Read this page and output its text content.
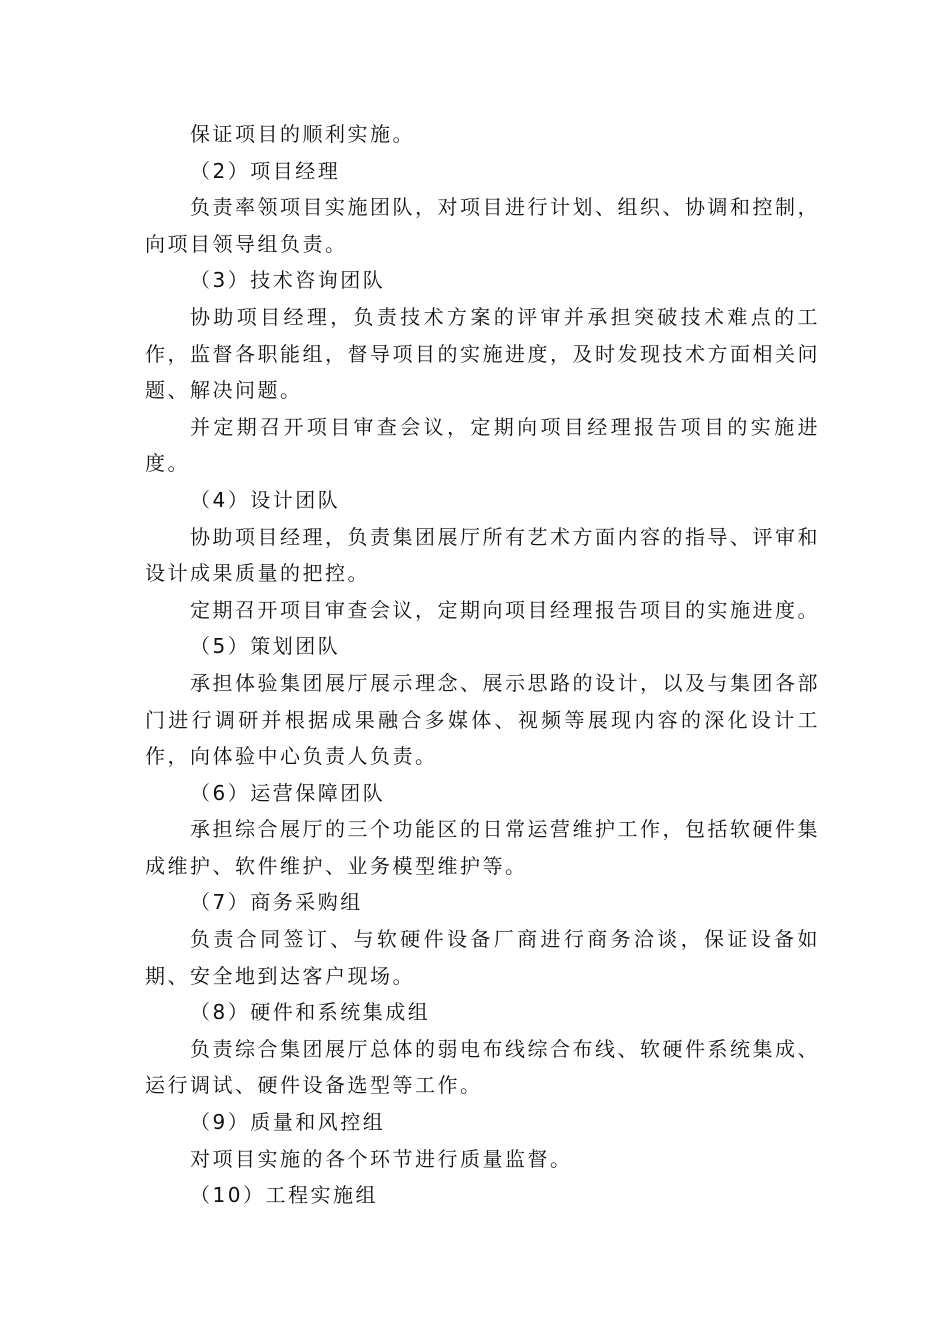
保证项目的顺利实施。

（2）项目经理

负责率领项目实施团队，对项目进行计划、组织、协调和控制，向项目领导组负责。

（3）技术咨询团队

协助项目经理，负责技术方案的评审并承担突破技术难点的工作，监督各职能组，督导项目的实施进度，及时发现技术方面相关问题、解决问题。

并定期召开项目审查会议，定期向项目经理报告项目的实施进度。

（4）设计团队

协助项目经理，负责集团展厅所有艺术方面内容的指导、评审和设计成果质量的把控。

定期召开项目审查会议，定期向项目经理报告项目的实施进度。

（5）策划团队

承担体验集团展厅展示理念、展示思路的设计，以及与集团各部门进行调研并根据成果融合多媒体、视频等展现内容的深化设计工作，向体验中心负责人负责。

（6）运营保障团队

承担综合展厅的三个功能区的日常运营维护工作，包括软硬件集成维护、软件维护、业务模型维护等。

（7）商务采购组

负责合同签订、与软硬件设备厂商进行商务洽谈，保证设备如期、安全地到达客户现场。

（8）硬件和系统集成组

负责综合集团展厅总体的弱电布线综合布线、软硬件系统集成、运行调试、硬件设备选型等工作。

（9）质量和风控组

对项目实施的各个环节进行质量监督。

（10）工程实施组
